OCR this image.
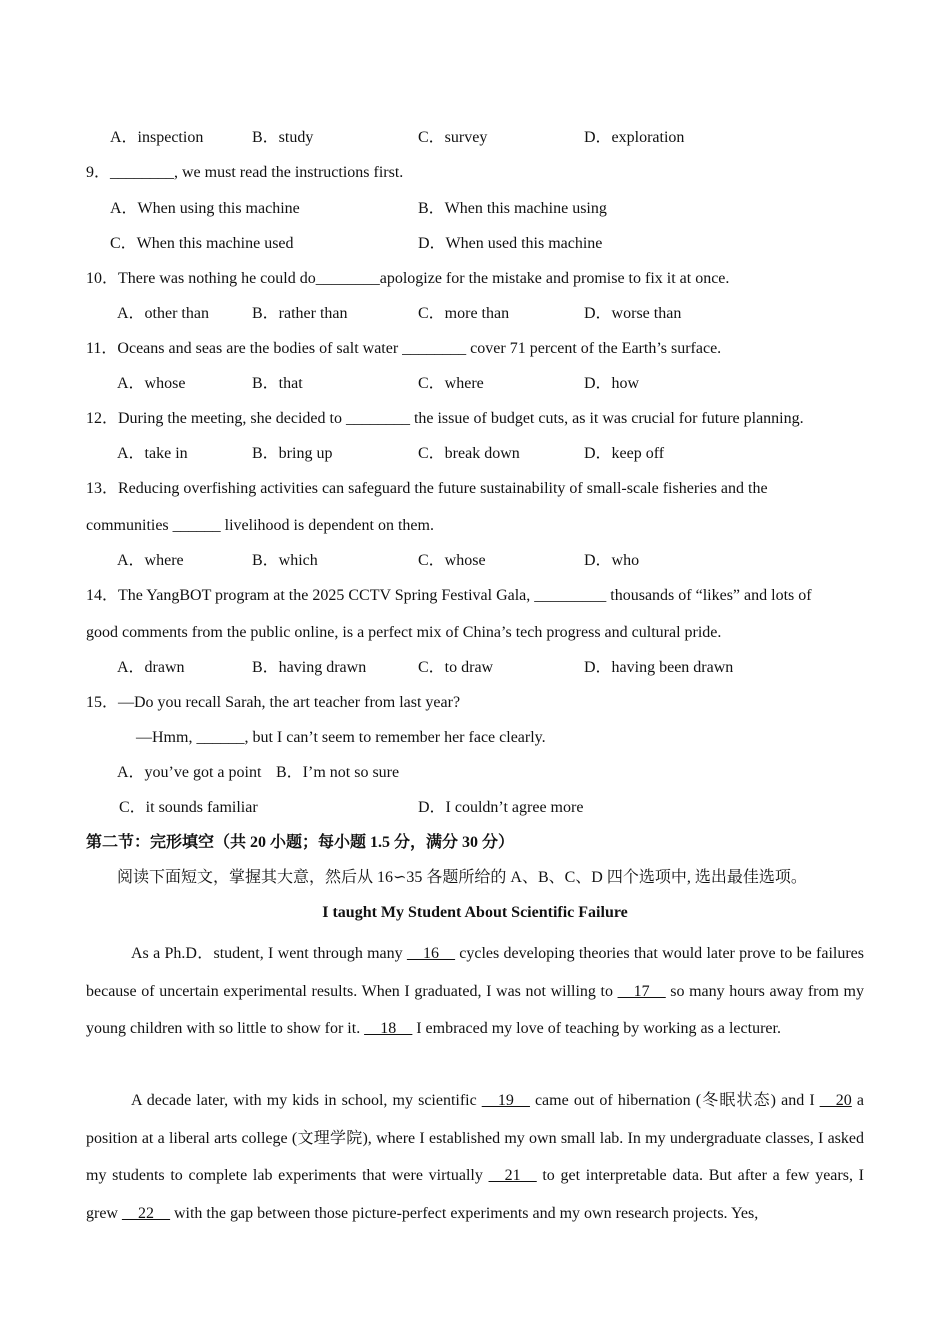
A．inspection	B．study	C．survey	D．exploration
9．________, we must read the instructions first.
A．When using this machine	B．When this machine using
C．When this machine used	D．When used this machine
10．There was nothing he could do________apologize for the mistake and promise to fix it at once.
A．other than	B．rather than	C．more than	D．worse than
11．Oceans and seas are the bodies of salt water ________ cover 71 percent of the Earth’s surface.
A．whose	B．that	C．where	D．how
12．During the meeting, she decided to ________ the issue of budget cuts, as it was crucial for future planning.
A．take in	B．bring up	C．break down	D．keep off
13．Reducing overfishing activities can safeguard the future sustainability of small-scale fisheries and the
communities ______ livelihood is dependent on them.
A．where	B．which	C．whose	D．who
14．The YangBOT program at the 2025 CCTV Spring Festival Gala, _________ thousands of “likes” and lots of
good comments from the public online, is a perfect mix of China’s tech progress and cultural pride.
A．drawn	B．having drawn	C．to draw	D．having been drawn
15．—Do you recall Sarah, the art teacher from last year?
—Hmm, ______, but I can’t seem to remember her face clearly.
A．you’ve got a point B．I’m not so sure
C．it sounds familiar	D．I couldn’t agree more
第二节：完形填空（共 20 小题；每小题 1.5 分，满分 30 分）
阅读下面短文，掌握其大意，然后从 16∽35 各题所给的 A、B、C、D 四个选项中, 选出最佳选项。
I taught My Student About Scientific Failure
As a Ph.D．student, I went through many __16__ cycles developing theories that would later prove to be failures because of uncertain experimental results. When I graduated, I was not willing to __17__ so many hours away from my young children with so little to show for it. __18__ I embraced my love of teaching by working as a lecturer.
A decade later, with my kids in school, my scientific __19__ came out of hibernation (冬眠状态) and I __20 a position at a liberal arts college (文理学院), where I established my own small lab. In my undergraduate classes, I asked my students to complete lab experiments that were virtually __21__ to get interpretable data. But after a few years, I grew __22__ with the gap between those picture-perfect experiments and my own research projects. Yes,
